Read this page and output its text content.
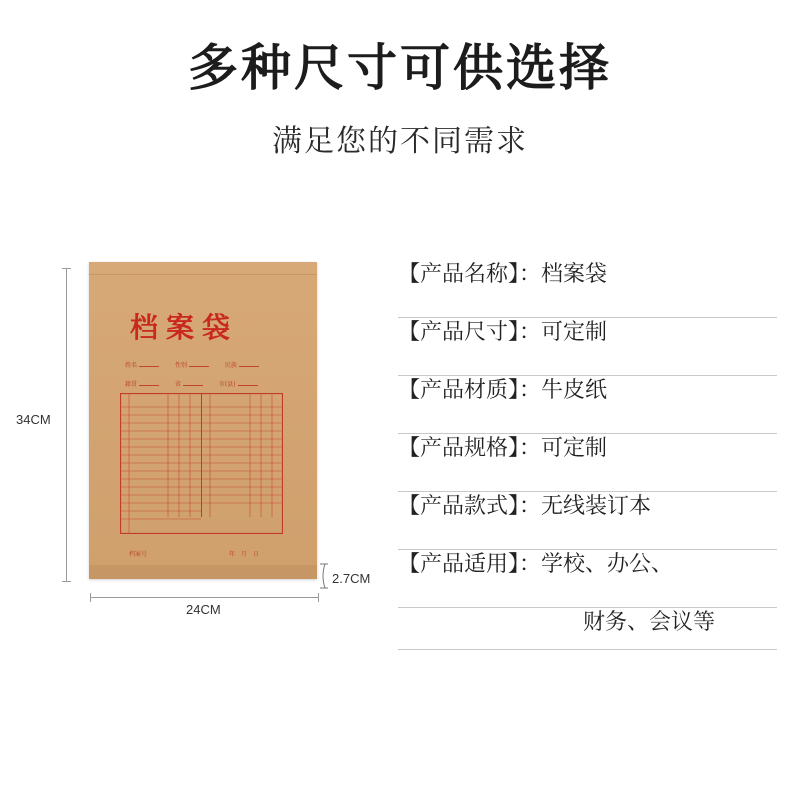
多种尺寸可供选择
满足您的不同需求
34CM
24CM
2.7CM
档案袋
姓名	性别	民族
籍贯	省	市(县)
档案号	年　月　日
【产品名称】：档案袋
【产品尺寸】：可定制
【产品材质】：牛皮纸
【产品规格】：可定制
【产品款式】：无线装订本
【产品适用】：学校、办公、
财务、会议等
